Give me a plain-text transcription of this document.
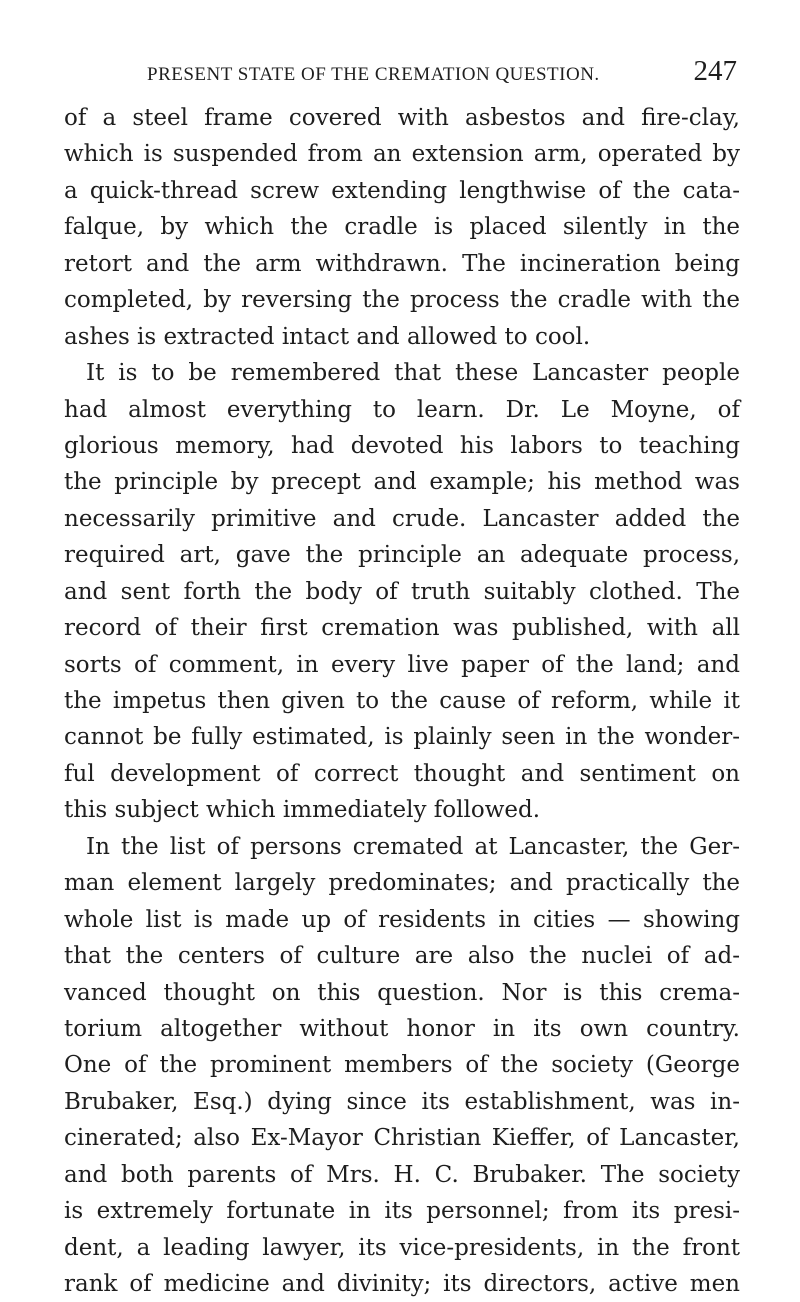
PRESENT STATE OF THE CREMATION QUESTION.	247
of a steel frame covered with asbestos and fire-clay,
which is suspended from an extension arm, operated by
a quick-thread screw extending lengthwise of the cata-
falque, by which the cradle is placed silently in the
retort and the arm withdrawn. The incineration being
completed, by reversing the process the cradle with the
ashes is extracted intact and allowed to cool.
It is to be remembered that these Lancaster people
had almost everything to learn. Dr. Le Moyne, of
glorious memory, had devoted his labors to teaching
the principle by precept and example; his method was
necessarily primitive and crude. Lancaster added the
required art, gave the principle an adequate process,
and sent forth the body of truth suitably clothed. The
record of their first cremation was published, with all
sorts of comment, in every live paper of the land; and
the impetus then given to the cause of reform, while it
cannot be fully estimated, is plainly seen in the wonder-
ful development of correct thought and sentiment on
this subject which immediately followed.
In the list of persons cremated at Lancaster, the Ger-
man element largely predominates; and practically the
whole list is made up of residents in cities — showing
that the centers of culture are also the nuclei of ad-
vanced thought on this question. Nor is this crema-
torium altogether without honor in its own country.
One of the prominent members of the society (George
Brubaker, Esq.) dying since its establishment, was in-
cinerated; also Ex-Mayor Christian Kieffer, of Lancaster,
and both parents of Mrs. H. C. Brubaker. The society
is extremely fortunate in its personnel; from its presi-
dent, a leading lawyer, its vice-presidents, in the front
rank of medicine and divinity; its directors, active men
